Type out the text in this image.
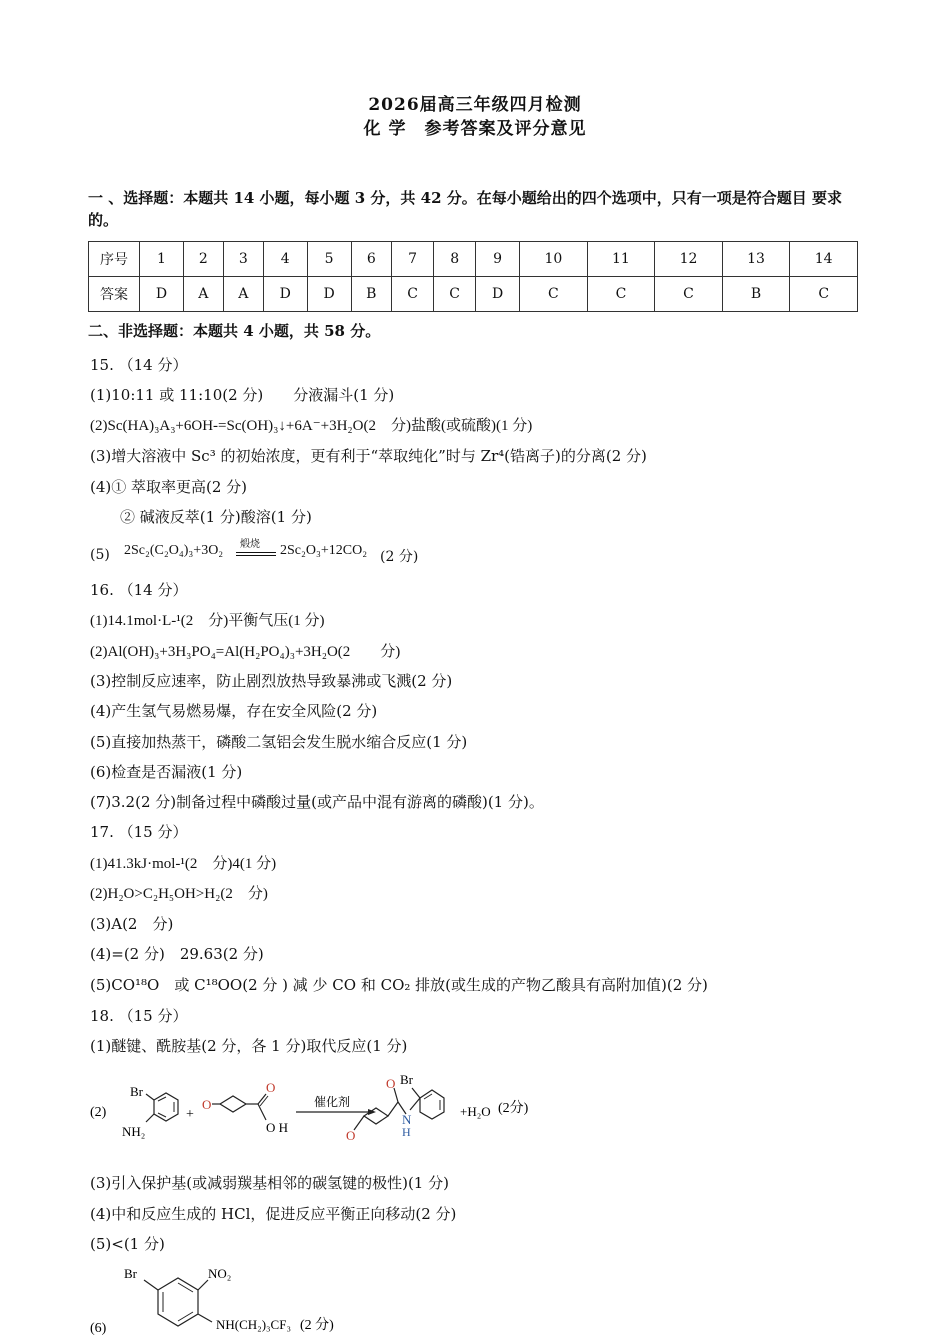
2026届高三年级四月检测
化 学　参考答案及评分意见
一 、选择题：本题共 14 小题，每小题 3 分，共 42 分。在每小题给出的四个选项中，只有一项是符合题目 要求的。
序号	1	2	3	4	5	6	7	8	9	10	11	12	13	14
答案	D	A	A	D	D	B	C	C	D	C	C	C	B	C
二、非选择题：本题共 4 小题，共 58 分。
15. （14 分）
(1)10:11 或 11:10(2 分)　　分液漏斗(1 分)
(2)Sc(HA)₃A₃+6OH-=Sc(OH)₃↓+6A⁻+3H₂O(2　分)盐酸(或硫酸)(1 分)
(3)增大溶液中 Sc³ 的初始浓度，更有利于“萃取纯化”时与 Zr⁴(锆离子)的分离(2 分)
(4)① 萃取率更高(2 分)
② 碱液反萃(1 分)酸溶(1 分)
(5) 2Sc₂(C₂O₄)₃+3O₂ 煅烧 2Sc₂O₃+12CO₂ (2 分)
16. （14 分）
(1)14.1mol·L-¹(2　分)平衡气压(1 分)
(2)Al(OH)₃+3H₃PO₄=Al(H₂PO₄)₃+3H₂O(2　　分)
(3)控制反应速率，防止剧烈放热导致暴沸或飞溅(2 分)
(4)产生氢气易燃易爆，存在安全风险(2 分)
(5)直接加热蒸干，磷酸二氢铝会发生脱水缩合反应(1 分)
(6)检查是否漏液(1 分)
(7)3.2(2 分)制备过程中磷酸过量(或产品中混有游离的磷酸)(1 分)。
17. （15 分）
(1)41.3kJ·mol-¹(2　分)4(1 分)
(2)H₂O>C₂H₅OH>H₂(2　分)
(3)A(2　分)
(4)=(2 分)　29.63(2 分)
(5)CO¹⁸O　或 C¹⁸OO(2 分 ) 减 少 CO 和 CO₂ 排放(或生成的产物乙酸具有高附加值)(2 分)
18. （15 分）
(1)醚键、酰胺基(2 分，各 1 分)取代反应(1 分)
(2)
Br
NH₂
+
O
O
O H
催化剂
O
O Br
N
H
+H₂O (2分)
(3)引入保护基(或减弱羰基相邻的碳氢键的极性)(1 分)
(4)中和反应生成的 HCl，促进反应平衡正向移动(2 分)
(5)<(1 分)
(6)
Br	NO₂
NH(CH₂)₃CF₃ (2 分)
